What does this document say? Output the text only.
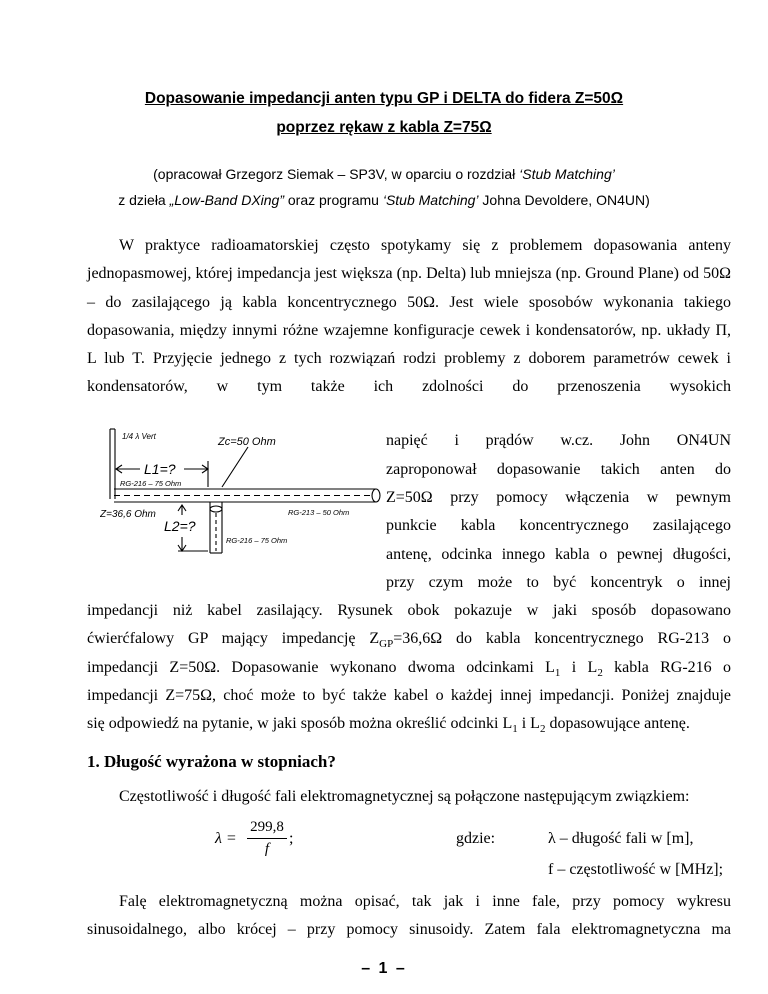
Dopasowanie impedancji anten typu GP i DELTA do fidera Z=50Ω
poprzez rękaw z kabla Z=75Ω
(opracował Grzegorz Siemak – SP3V, w oparciu o rozdział ‘Stub Matching’
z dzieła „Low-Band DXing” oraz programu ‘Stub Matching’ Johna Devoldere, ON4UN)
W praktyce radioamatorskiej często spotykamy się z problemem dopasowania anteny jednopasmowej, której impedancja jest większa (np. Delta) lub mniejsza (np. Ground Plane) od 50Ω – do zasilającego ją kabla koncentrycznego 50Ω. Jest wiele sposobów wykonania takiego dopasowania, między innymi różne wzajemne konfiguracje cewek i kondensatorów, np. układy Π, L lub T. Przyjęcie jednego z tych rozwiązań rodzi problemy z doborem parametrów cewek i kondensatorów, w tym także ich zdolności do przenoszenia wysokich
napięć i prądów w.cz. John ON4UN
zaproponował dopasowanie takich anten do
Z=50Ω przy pomocy włączenia w pewnym
punkcie kabla koncentrycznego zasilającego
antenę, odcinka innego kabla o pewnej długości,
przy czym może to być koncentryk o innej
1/4 λ Vert	Zc=50 Ohm
L1=?
RG-216 – 75 Ohm
Z=36,6 Ohm	RG-213 – 50 Ohm
L2=?
RG-216 – 75 Ohm
impedancji niż kabel zasilający. Rysunek obok pokazuje w jaki sposób dopasowano
ćwierćfalowy GP mający impedancję $Z_{GP}=36,6\Omega$ do kabla koncentrycznego RG-213 o
impedancji Z=50Ω. Dopasowanie wykonano dwoma odcinkami $L_1$ i $L_2$ kabla RG-216 o
impedancji Z=75Ω, choć może to być także kabel o każdej innej impedancji. Poniżej znajduje
się odpowiedź na pytanie, w jaki sposób można określić odcinki $L_1$ i $L_2$ dopasowujące antenę.
1. Długość wyrażona w stopniach?
Częstotliwość i długość fali elektromagnetycznej są połączone następującym związkiem:
λ =
299,8
f
;	gdzie:	λ – długość fali w [m],
f – częstotliwość w [MHz];
Falę elektromagnetyczną można opisać, tak jak i inne fale, przy pomocy wykresu
sinusoidalnego, albo krócej – przy pomocy sinusoidy. Zatem fala elektromagnetyczna ma
– 1 –
